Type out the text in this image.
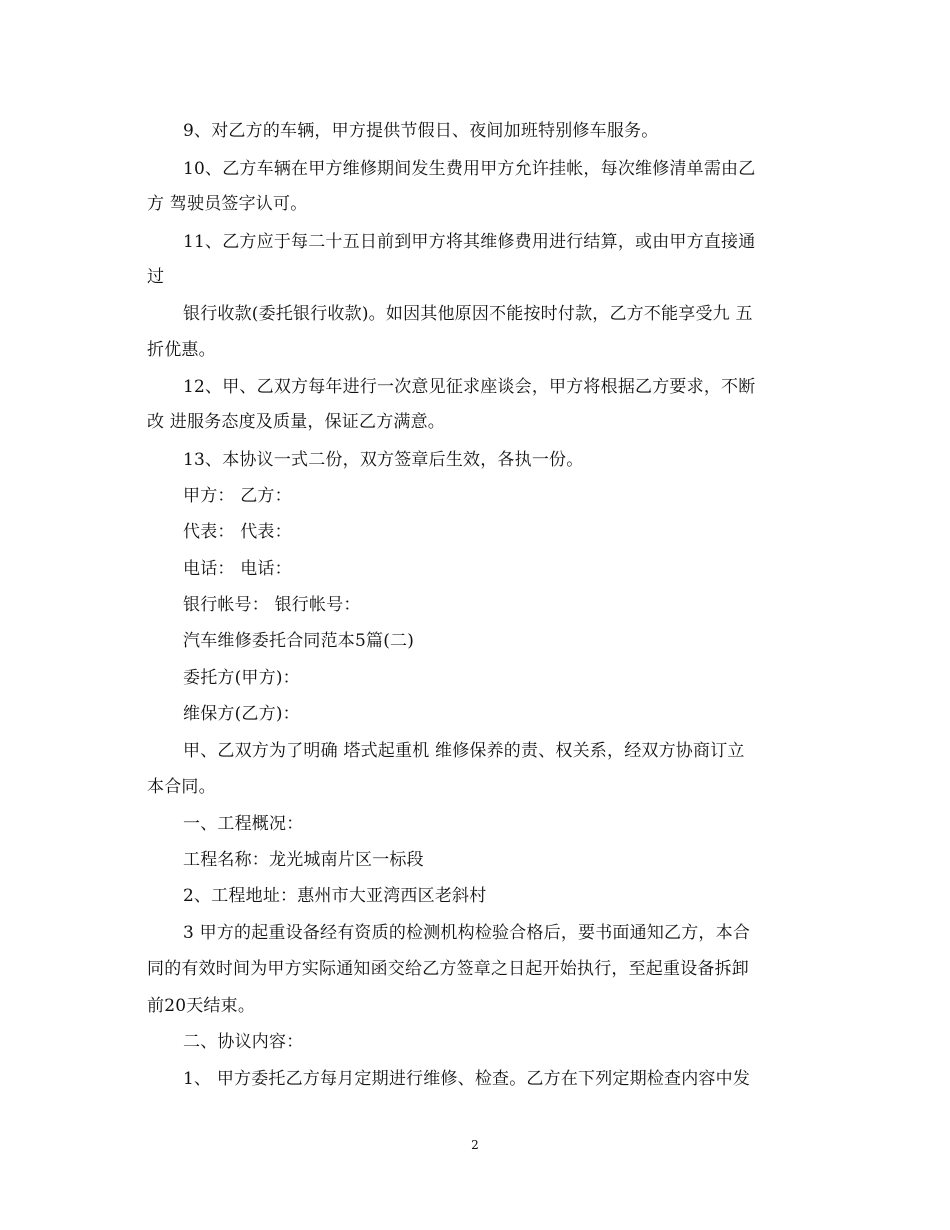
9、对乙方的车辆，甲方提供节假日、夜间加班特别修车服务。
10、乙方车辆在甲方维修期间发生费用甲方允许挂帐，每次维修清单需由乙
方 驾驶员签字认可。
11、乙方应于每二十五日前到甲方将其维修费用进行结算，或由甲方直接通
过
银行收款(委托银行收款)。如因其他原因不能按时付款，乙方不能享受九 五
折优惠。
12、甲、乙双方每年进行一次意见征求座谈会，甲方将根据乙方要求，不断
改 进服务态度及质量，保证乙方满意。
13、本协议一式二份，双方签章后生效，各执一份。
甲方： 乙方：
代表： 代表：
电话： 电话：
银行帐号： 银行帐号：
汽车维修委托合同范本5篇(二)
委托方(甲方)：
维保方(乙方)：
甲、乙双方为了明确 塔式起重机 维修保养的责、权关系，经双方协商订立
本合同。
一、工程概况：
工程名称：龙光城南片区一标段
2、工程地址：惠州市大亚湾西区老斜村
3 甲方的起重设备经有资质的检测机构检验合格后，要书面通知乙方，本合
同的有效时间为甲方实际通知函交给乙方签章之日起开始执行，至起重设备拆卸
前20天结束。
二、协议内容：
1、 甲方委托乙方每月定期进行维修、检查。乙方在下列定期检查内容中发
2
